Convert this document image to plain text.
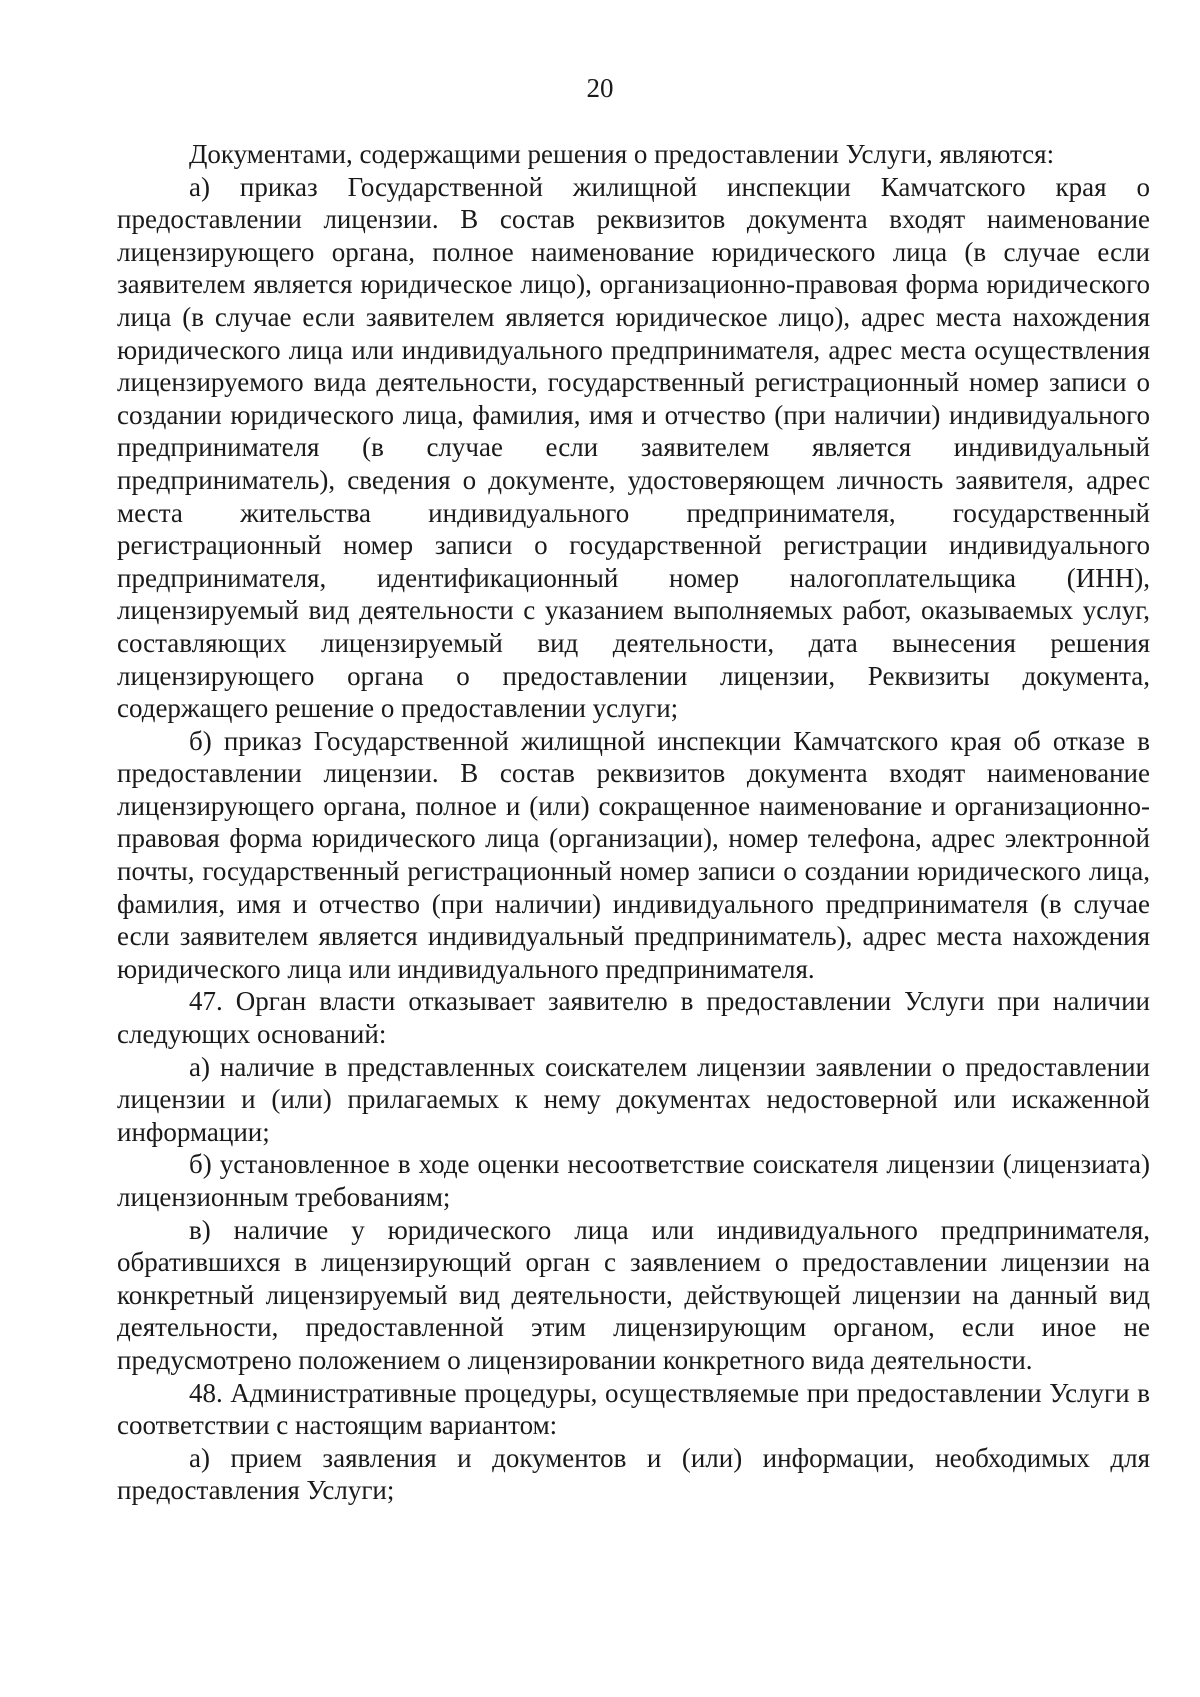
20

Документами, содержащими решения о предоставлении Услуги, являются:

а) приказ Государственной жилищной инспекции Камчатского края о предоставлении лицензии. В состав реквизитов документа входят наименование лицензирующего органа, полное наименование юридического лица (в случае если заявителем является юридическое лицо), организационно-правовая форма юридического лица (в случае если заявителем является юридическое лицо), адрес места нахождения юридического лица или индивидуального предпринимателя, адрес места осуществления лицензируемого вида деятельности, государственный регистрационный номер записи о создании юридического лица, фамилия, имя и отчество (при наличии) индивидуального предпринимателя (в случае если заявителем является индивидуальный предприниматель), сведения о документе, удостоверяющем личность заявителя, адрес места жительства индивидуального предпринимателя, государственный регистрационный номер записи о государственной регистрации индивидуального предпринимателя, идентификационный номер налогоплательщика (ИНН), лицензируемый вид деятельности с указанием выполняемых работ, оказываемых услуг, составляющих лицензируемый вид деятельности, дата вынесения решения лицензирующего органа о предоставлении лицензии, Реквизиты документа, содержащего решение о предоставлении услуги;

б) приказ Государственной жилищной инспекции Камчатского края об отказе в предоставлении лицензии. В состав реквизитов документа входят наименование лицензирующего органа, полное и (или) сокращенное наименование и организационно-правовая форма юридического лица (организации), номер телефона, адрес электронной почты, государственный регистрационный номер записи о создании юридического лица, фамилия, имя и отчество (при наличии) индивидуального предпринимателя (в случае если заявителем является индивидуальный предприниматель), адрес места нахождения юридического лица или индивидуального предпринимателя.

47. Орган власти отказывает заявителю в предоставлении Услуги при наличии следующих оснований:

а) наличие в представленных соискателем лицензии заявлении о предоставлении лицензии и (или) прилагаемых к нему документах недостоверной или искаженной информации;

б) установленное в ходе оценки несоответствие соискателя лицензии (лицензиата) лицензионным требованиям;

в) наличие у юридического лица или индивидуального предпринимателя, обратившихся в лицензирующий орган с заявлением о предоставлении лицензии на конкретный лицензируемый вид деятельности, действующей лицензии на данный вид деятельности, предоставленной этим лицензирующим органом, если иное не предусмотрено положением о лицензировании конкретного вида деятельности.

48. Административные процедуры, осуществляемые при предоставлении Услуги в соответствии с настоящим вариантом:

а) прием заявления и документов и (или) информации, необходимых для предоставления Услуги;
